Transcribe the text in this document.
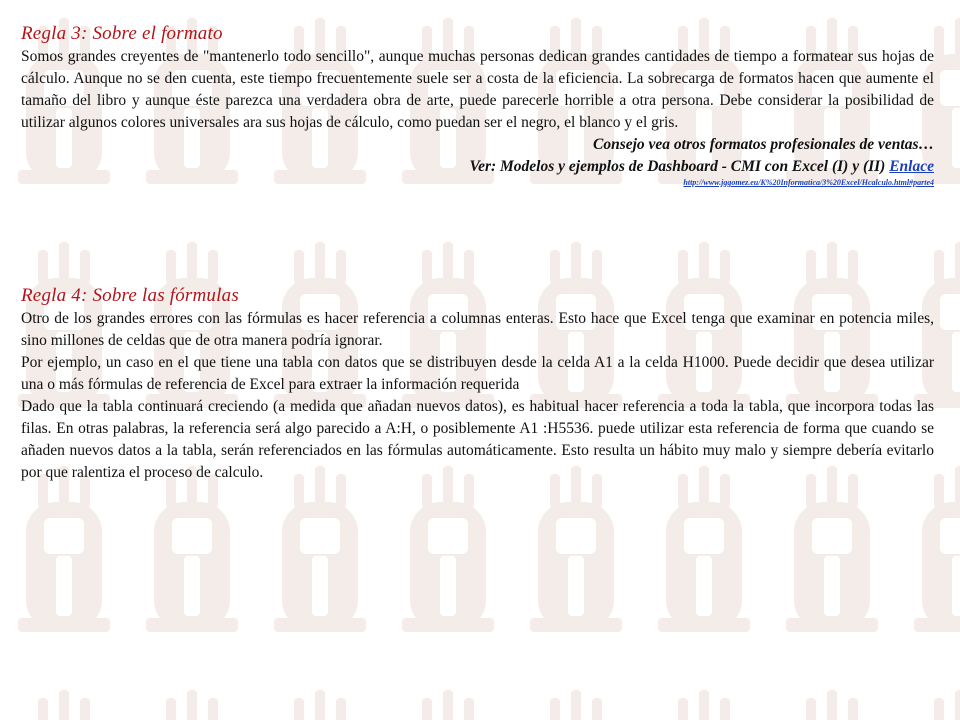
Regla 3: Sobre el formato

Somos grandes creyentes de "mantenerlo todo sencillo", aunque muchas personas dedican grandes cantidades de tiempo a formatear sus hojas de cálculo. Aunque no se den cuenta, este tiempo frecuentemente suele ser a costa de la eficiencia. La sobrecarga de formatos hacen que aumente el tamaño del libro y aunque éste parezca una verdadera obra de arte, puede parecerle horrible a otra persona. Debe considerar la posibilidad de utilizar algunos colores universales ara sus hojas de cálculo, como puedan ser el negro, el blanco y el gris.

Consejo vea otros formatos profesionales de ventas…

Ver: Modelos y ejemplos de Dashboard - CMI con Excel (I) y (II) Enlace

http://www.jggomez.eu/K%20Informatica/3%20Excel/Hcalculo.html#parte4

Regla 4: Sobre las fórmulas

Otro de los grandes errores con las fórmulas es hacer referencia a columnas enteras. Esto hace que Excel tenga que examinar en potencia miles, sino millones de celdas que de otra manera podría ignorar.

Por ejemplo, un caso en el que tiene una tabla con datos que se distribuyen desde la celda A1 a la celda H1000. Puede decidir que desea utilizar una o más fórmulas de referencia de Excel para extraer la información requerida

Dado que la tabla continuará creciendo (a medida que añadan nuevos datos), es habitual hacer referencia a toda la tabla, que incorpora todas las filas. En otras palabras, la referencia será algo parecido a A:H, o posiblemente A1 :H5536. puede utilizar esta referencia de forma que cuando se añaden nuevos datos a la tabla, serán referenciados en las fórmulas automáticamente. Esto resulta un hábito muy malo y siempre debería evitarlo por que ralentiza el proceso de calculo.
